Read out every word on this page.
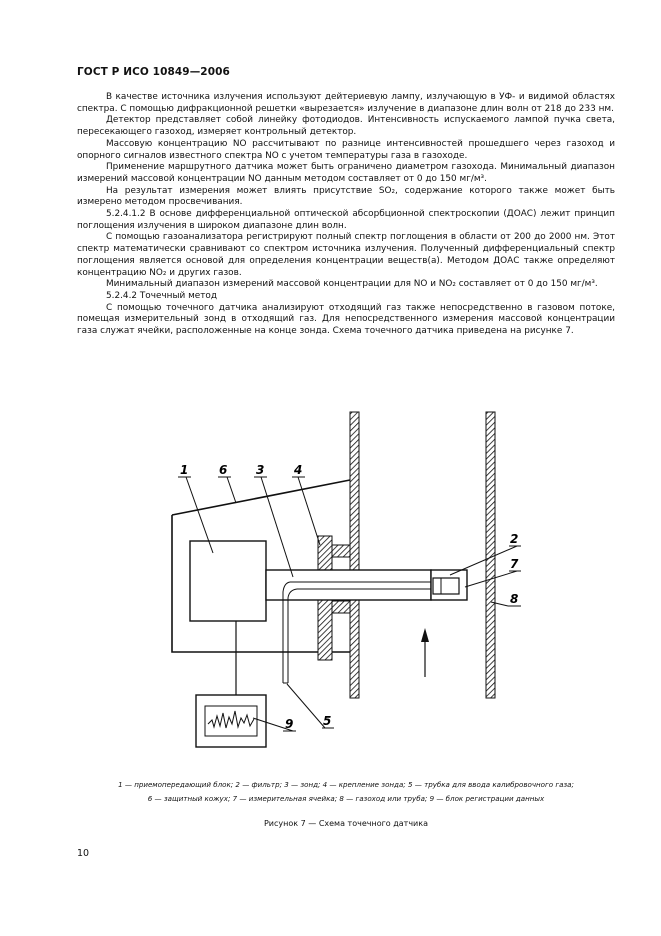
ГОСТ Р ИСО 10849—2006

В качестве источника излучения используют дейтериевую лампу, излучающую в УФ- и видимой областях спектра. С помощью дифракционной решетки «вырезается» излучение в диапазоне длин волн от 218 до 233 нм.

Детектор представляет собой линейку фотодиодов. Интенсивность испускаемого лампой пучка света, пересекающего газоход, измеряет контрольный детектор.

Массовую концентрацию NO рассчитывают по разнице интенсивностей прошедшего через газоход и опорного сигналов известного спектра NO с учетом температуры газа в газоходе.

Применение маршрутного датчика может быть ограничено диаметром газохода. Минимальный диапазон измерений массовой концентрации NO данным методом составляет от 0 до 150 мг/м³.

На результат измерения может влиять присутствие SO₂, содержание которого также может быть измерено методом просвечивания.

5.2.4.1.2 В основе дифференциальной оптической абсорбционной спектроскопии (ДОАС) лежит принцип поглощения излучения в широком диапазоне длин волн.

С помощью газоанализатора регистрируют полный спектр поглощения в области от 200 до 2000 нм. Этот спектр математически сравнивают со спектром источника излучения. Полученный дифференциальный спектр поглощения является основой для определения концентрации веществ(а). Методом ДОАС также определяют концентрацию NO₂ и других газов.

Минимальный диапазон измерений массовой концентрации для NO и NO₂ составляет от 0 до 150 мг/м³.

5.2.4.2 Точечный метод

С помощью точечного датчика анализируют отходящий газ также непосредственно в газовом потоке, помещая измерительный зонд в отходящий газ. Для непосредственного измерения массовой концентрации газа служат ячейки, расположенные на конце зонда. Схема точечного датчика приведена на рисунке 7.

1	6 3 4
2
7
8
5
9
1 — приемопередающий блок; 2 — фильтр; 3 — зонд; 4 — крепление зонда; 5 — трубка для ввода калибровочного газа;
6 — защитный кожух; 7 — измерительная ячейка; 8 — газоход или труба; 9 — блок регистрации данных
Рисунок 7 — Схема точечного датчика
10
